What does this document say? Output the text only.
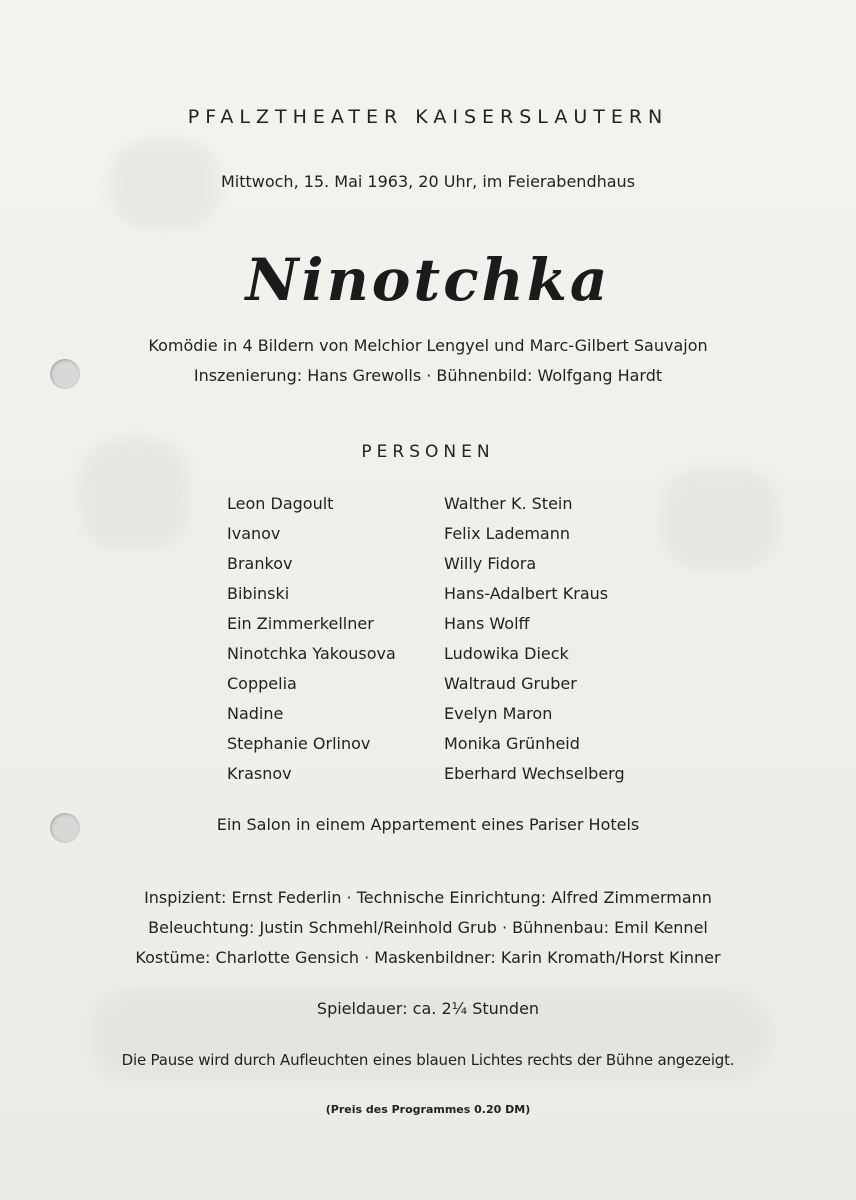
PFALZTHEATER KAISERSLAUTERN
Mittwoch, 15. Mai 1963, 20 Uhr, im Feierabendhaus
Ninotchka
Komödie in 4 Bildern von Melchior Lengyel und Marc-Gilbert Sauvajon
Inszenierung: Hans Grewolls · Bühnenbild: Wolfgang Hardt
PERSONEN
Leon Dagoult	Walther K. Stein
Ivanov	Felix Lademann
Brankov	Willy Fidora
Bibinski	Hans-Adalbert Kraus
Ein Zimmerkellner	Hans Wolff
Ninotchka Yakousova	Ludowika Dieck
Coppelia	Waltraud Gruber
Nadine	Evelyn Maron
Stephanie Orlinov	Monika Grünheid
Krasnov	Eberhard Wechselberg
Ein Salon in einem Appartement eines Pariser Hotels
Inspizient: Ernst Federlin · Technische Einrichtung: Alfred Zimmermann
Beleuchtung: Justin Schmehl/Reinhold Grub · Bühnenbau: Emil Kennel
Kostüme: Charlotte Gensich · Maskenbildner: Karin Kromath/Horst Kinner
Spieldauer: ca. 2¼ Stunden
Die Pause wird durch Aufleuchten eines blauen Lichtes rechts der Bühne angezeigt.
(Preis des Programmes 0.20 DM)
